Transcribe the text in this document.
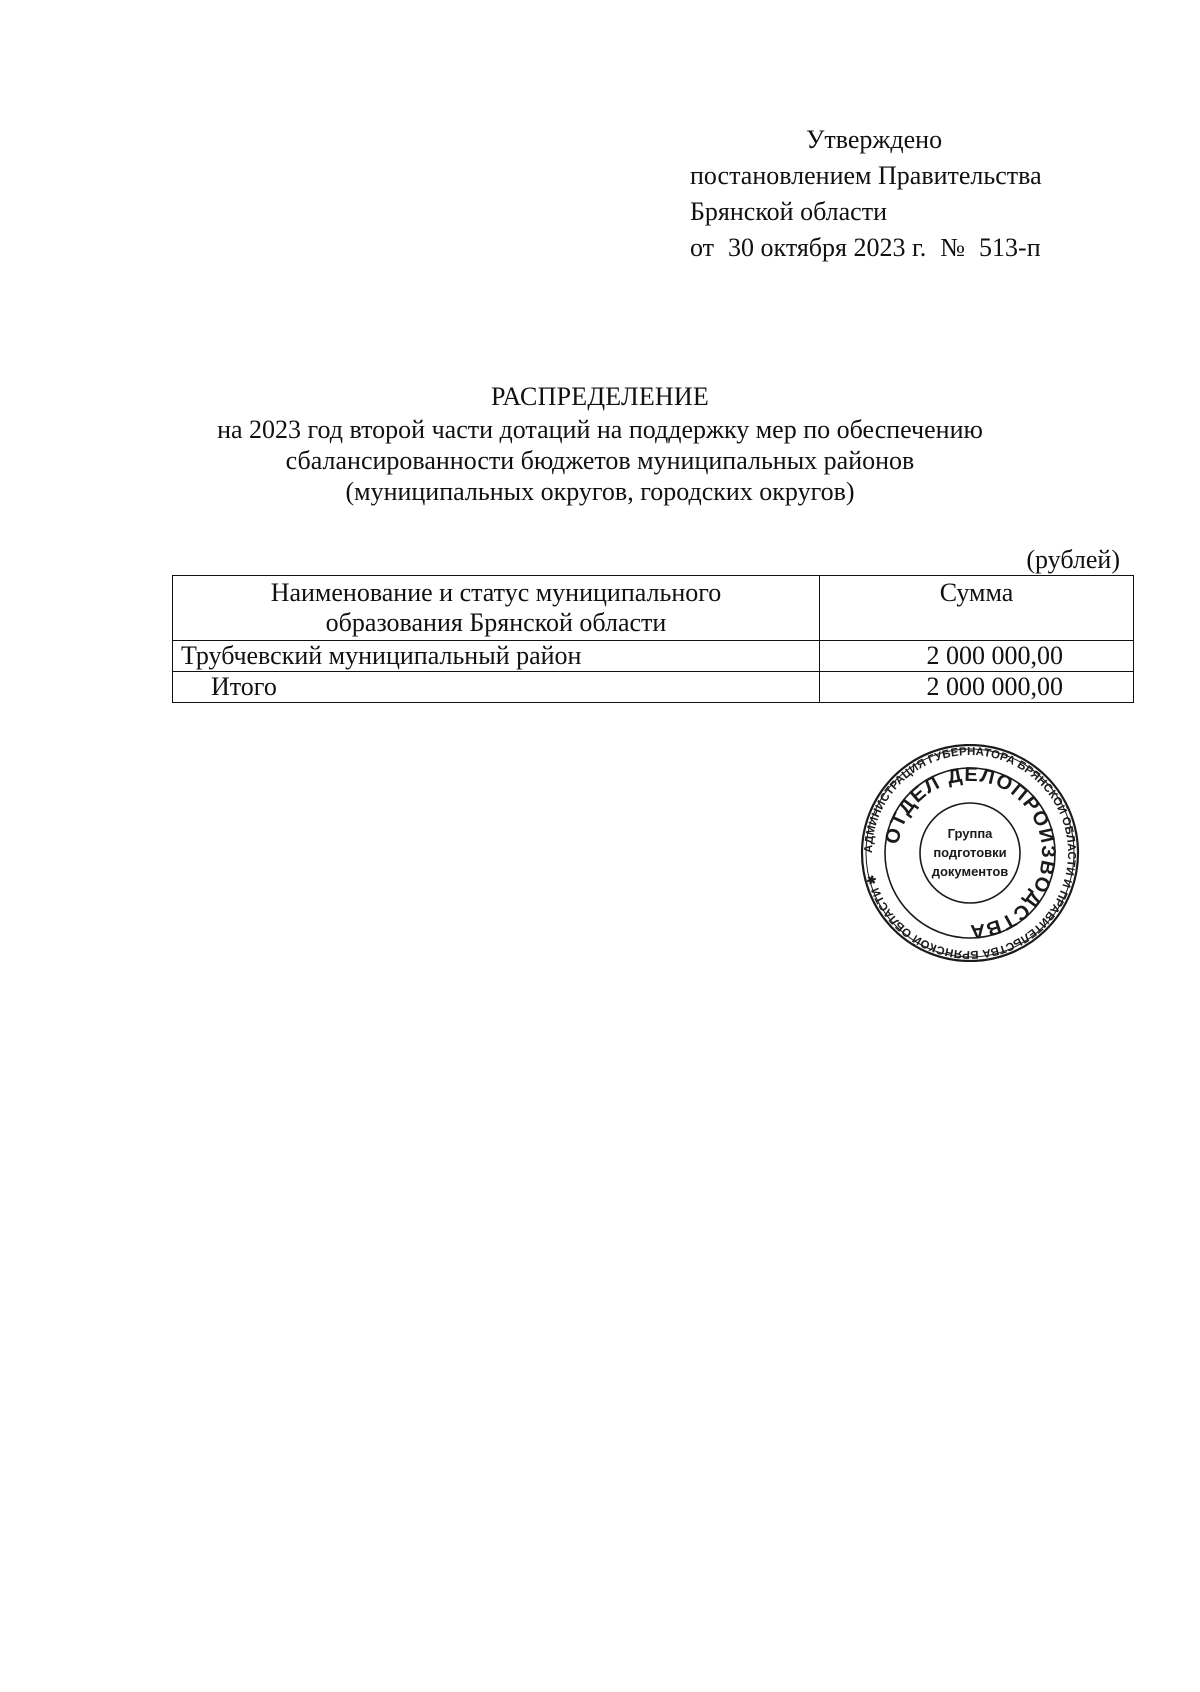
Утверждено
постановлением Правительства
Брянской области
от 30 октября 2023 г. № 513-п
РАСПРЕДЕЛЕНИЕ
на 2023 год второй части дотаций на поддержку мер по обеспечению
сбалансированности бюджетов муниципальных районов
(муниципальных округов, городских округов)
(рублей)
Наименование и статус муниципального
образования Брянской области	Сумма
Трубчевский муниципальный район	2 000 000,00
Итого	2 000 000,00
АДМИНИСТРАЦИЯ ГУБЕРНАТОРА БРЯНСКОЙ ОБЛАСТИ И ПРАВИТЕЛЬСТВА БРЯНСКОЙ ОБЛАСТИ ✱
ОТДЕЛ ДЕЛОПРОИЗВОДСТВА
Группа
подготовки
документов
